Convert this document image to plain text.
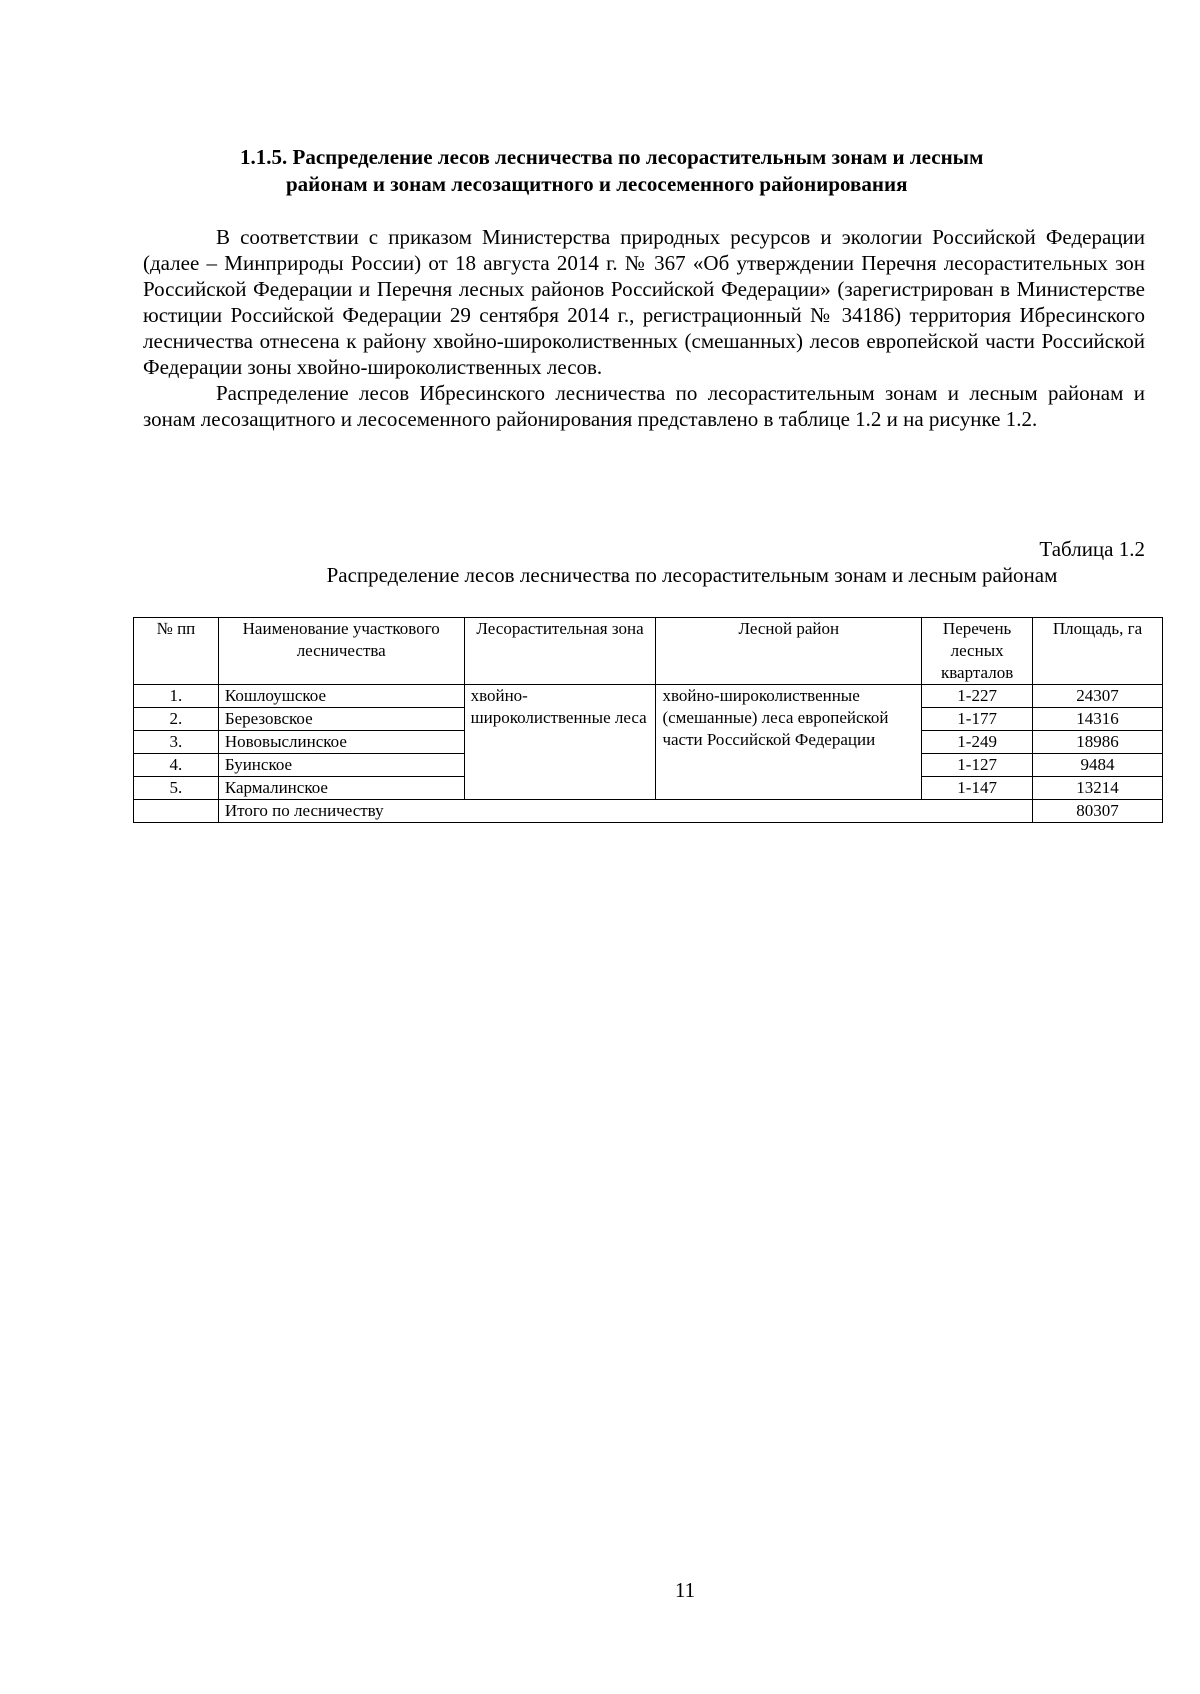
1.1.5. Распределение лесов лесничества по лесорастительным зонам и лесным
районам и зонам лесозащитного и лесосеменного районирования

В соответствии с приказом Министерства природных ресурсов и экологии Российской Федерации (далее – Минприроды России) от 18 августа 2014 г. № 367 «Об утверждении Перечня лесорастительных зон Российской Федерации и Перечня лесных районов Российской Федерации» (зарегистрирован в Министерстве юстиции Российской Федерации 29 сентября 2014 г., регистрационный № 34186) территория Ибресинского лесничества отнесена к району хвойно-широколиственных (смешанных) лесов европейской части Российской Федерации зоны хвойно-широколиственных лесов.

Распределение лесов Ибресинского лесничества по лесорастительным зонам и лесным районам и зонам лесозащитного и лесосеменного районирования представлено в таблице 1.2 и на рисунке 1.2.

Таблица 1.2
Распределение лесов лесничества по лесорастительным зонам и лесным районам
№ пп	Наименование участкового лесничества	Лесорастительная зона	Лесной район	Перечень лесных кварталов	Площадь, га
1.	Кошлоушское	хвойно-широколиственные леса	хвойно-широколиственные (смешанные) леса европейской части Российской Федерации	1-227	24307
2.	Березовское			1-177	14316
3.	Нововыслинское			1-249	18986
4.	Буинское			1-127	9484
5.	Кармалинское			1-147	13214
	Итого по лесничеству				80307
11
